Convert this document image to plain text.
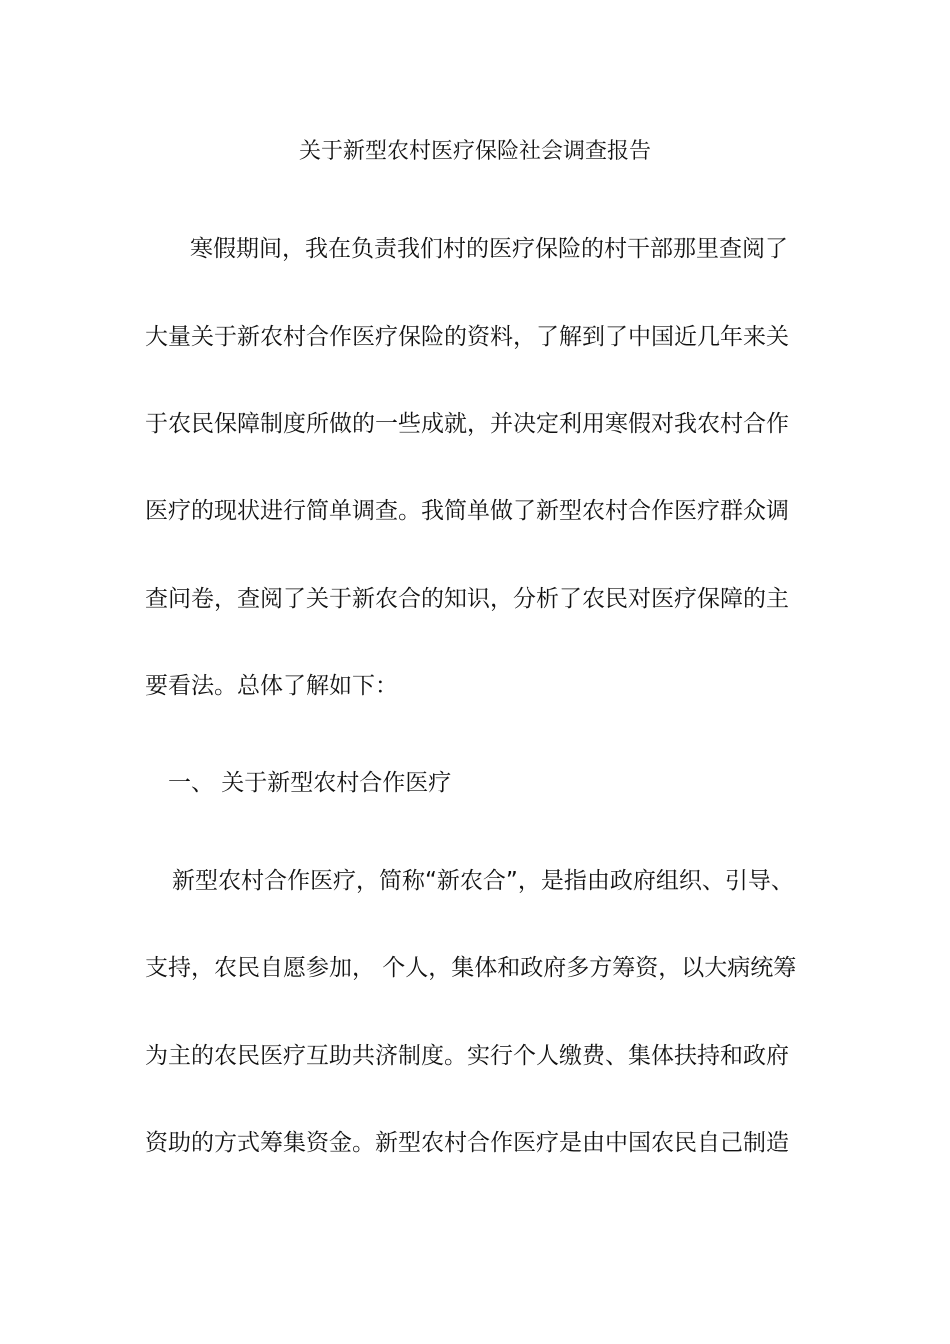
关于新型农村医疗保险社会调查报告
寒假期间，我在负责我们村的医疗保险的村干部那里查阅了
大量关于新农村合作医疗保险的资料，了解到了中国近几年来关
于农民保障制度所做的一些成就，并决定利用寒假对我农村合作
医疗的现状进行简单调查。我简单做了新型农村合作医疗群众调
查问卷，查阅了关于新农合的知识，分析了农民对医疗保障的主
要看法。总体了解如下：
一、 关于新型农村合作医疗
新型农村合作医疗，简称“新农合”，是指由政府组织、引导、
支持，农民自愿参加， 个人，集体和政府多方筹资，以大病统筹
为主的农民医疗互助共济制度。实行个人缴费、集体扶持和政府
资助的方式筹集资金。新型农村合作医疗是由中国农民自己制造
